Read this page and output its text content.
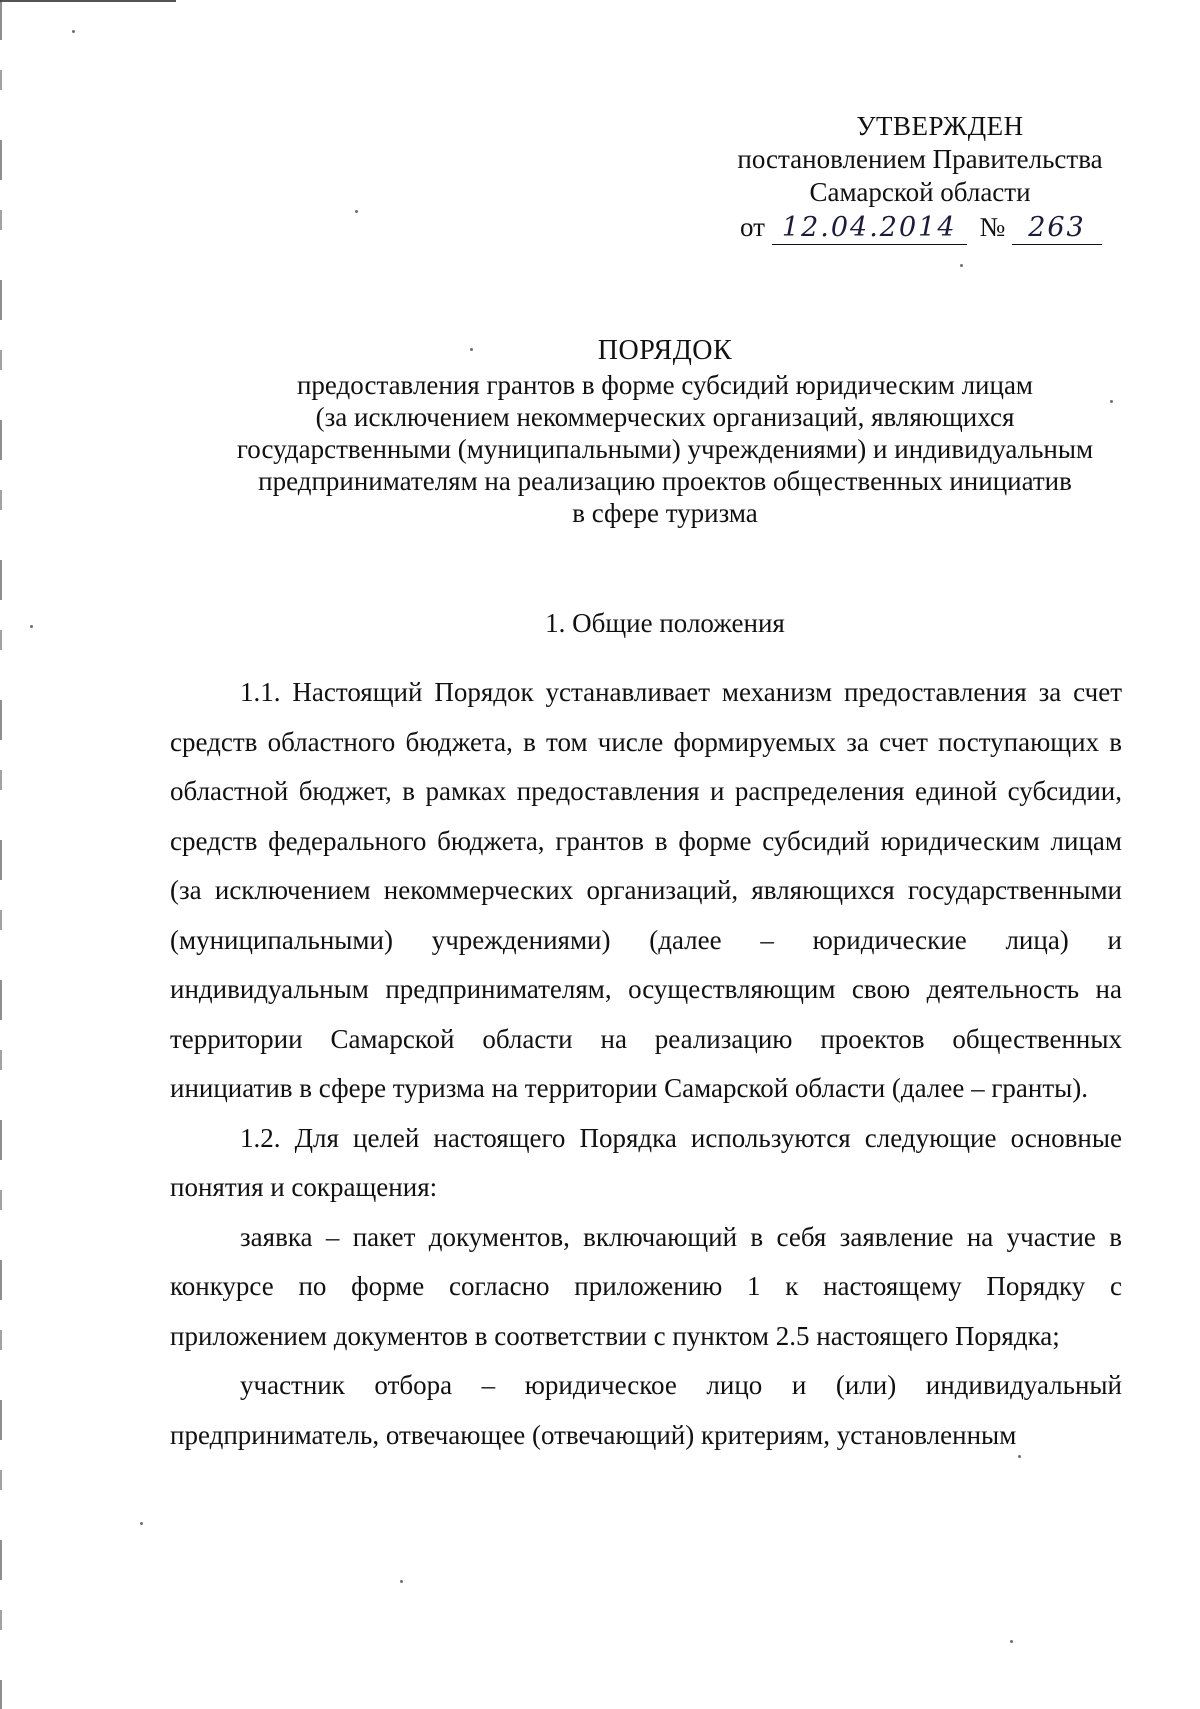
УТВЕРЖДЕН
постановлением Правительства
Самарской области
от 12.04.2014 № 263
ПОРЯДОК
предоставления грантов в форме субсидий юридическим лицам
(за исключением некоммерческих организаций, являющихся
государственными (муниципальными) учреждениями) и индивидуальным
предпринимателям на реализацию проектов общественных инициатив
в сфере туризма
1. Общие положения

1.1. Настоящий Порядок устанавливает механизм предоставления за счет средств областного бюджета, в том числе формируемых за счет поступающих в областной бюджет, в рамках предоставления и распределения единой субсидии, средств федерального бюджета, грантов в форме субсидий юридическим лицам (за исключением некоммерческих организаций, являющихся государственными (муниципальными) учреждениями) (далее – юридические лица) и индивидуальным предпринимателям, осуществляющим свою деятельность на территории Самарской области на реализацию проектов общественных инициатив в сфере туризма на территории Самарской области (далее – гранты).

1.2. Для целей настоящего Порядка используются следующие основные понятия и сокращения:

заявка – пакет документов, включающий в себя заявление на участие в конкурсе по форме согласно приложению 1 к настоящему Порядку с приложением документов в соответствии с пунктом 2.5 настоящего Порядка;

участник отбора – юридическое лицо и (или) индивидуальный предприниматель, отвечающее (отвечающий) критериям, установленным
